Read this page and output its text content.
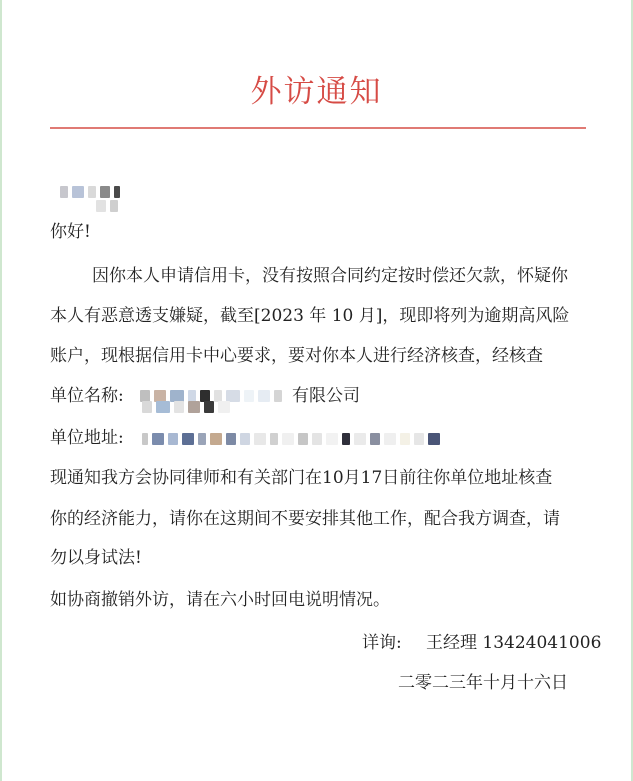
外访通知
你好!
因你本人申请信用卡，没有按照合同约定按时偿还欠款，怀疑你
本人有恶意透支嫌疑，截至[2023 年 10 月]，现即将列为逾期高风险
账户，现根据信用卡中心要求，要对你本人进行经济核查，经核查
单位名称:	有限公司
单位地址:
现通知我方会协同律师和有关部门在10月17日前往你单位地址核查
你的经济能力，请你在这期间不要安排其他工作，配合我方调查，请
勿以身试法!
如协商撤销外访，请在六小时回电说明情况。
详询: 王经理 13424041006
二零二三年十月十六日
